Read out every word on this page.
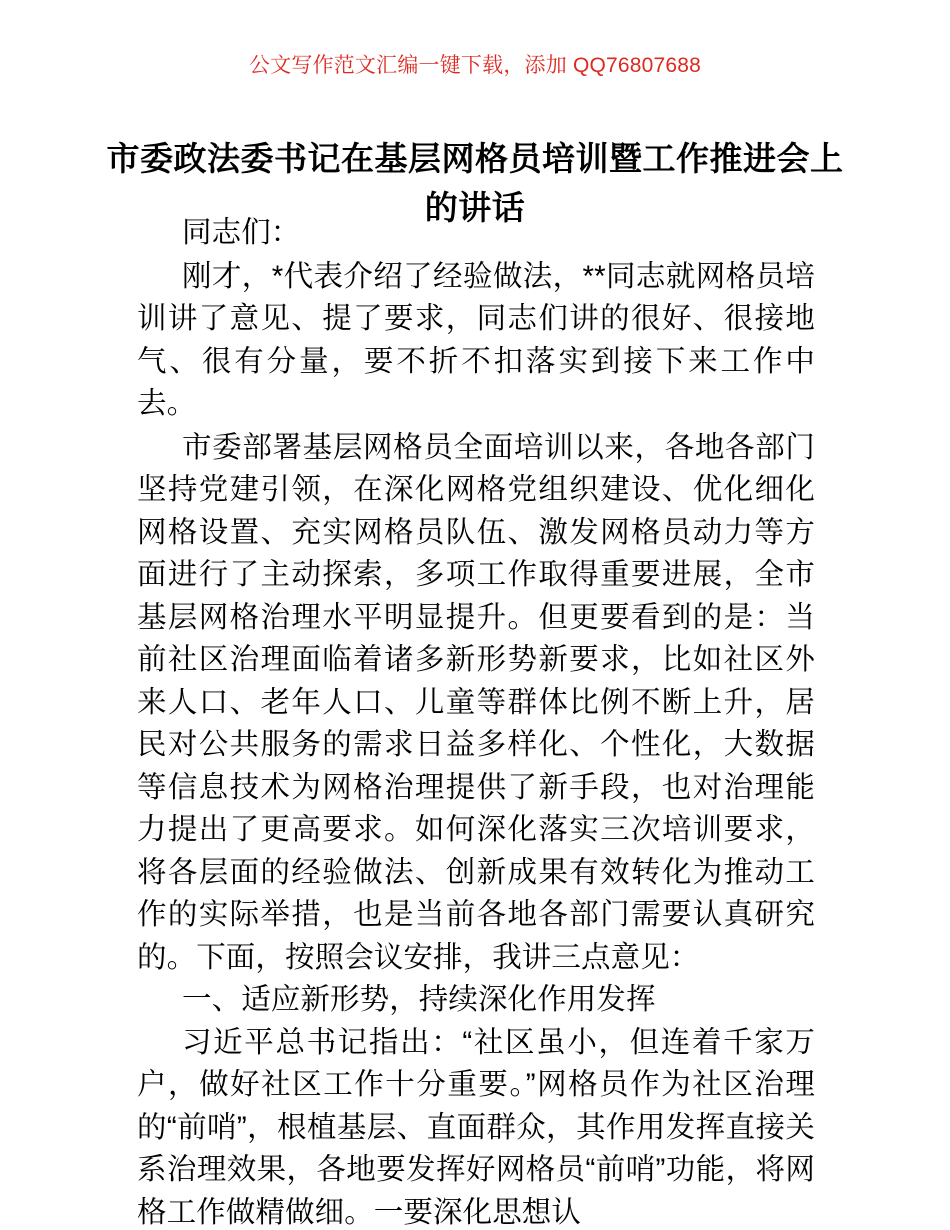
公文写作范文汇编一键下载，添加 QQ76807688
市委政法委书记在基层网格员培训暨工作推进会上的讲话

同志们：

刚才，*代表介绍了经验做法，**同志就网格员培训讲了意见、提了要求，同志们讲的很好、很接地气、很有分量，要不折不扣落实到接下来工作中去。

市委部署基层网格员全面培训以来，各地各部门坚持党建引领，在深化网格党组织建设、优化细化网格设置、充实网格员队伍、激发网格员动力等方面进行了主动探索，多项工作取得重要进展，全市基层网格治理水平明显提升。但更要看到的是：当前社区治理面临着诸多新形势新要求，比如社区外来人口、老年人口、儿童等群体比例不断上升，居民对公共服务的需求日益多样化、个性化，大数据等信息技术为网格治理提供了新手段，也对治理能力提出了更高要求。如何深化落实三次培训要求，将各层面的经验做法、创新成果有效转化为推动工作的实际举措，也是当前各地各部门需要认真研究的。下面，按照会议安排，我讲三点意见：

一、适应新形势，持续深化作用发挥

习近平总书记指出：“社区虽小，但连着千家万户，做好社区工作十分重要。”网格员作为社区治理的“前哨”，根植基层、直面群众，其作用发挥直接关系治理效果，各地要发挥好网格员“前哨”功能，将网格工作做精做细。一要深化思想认
